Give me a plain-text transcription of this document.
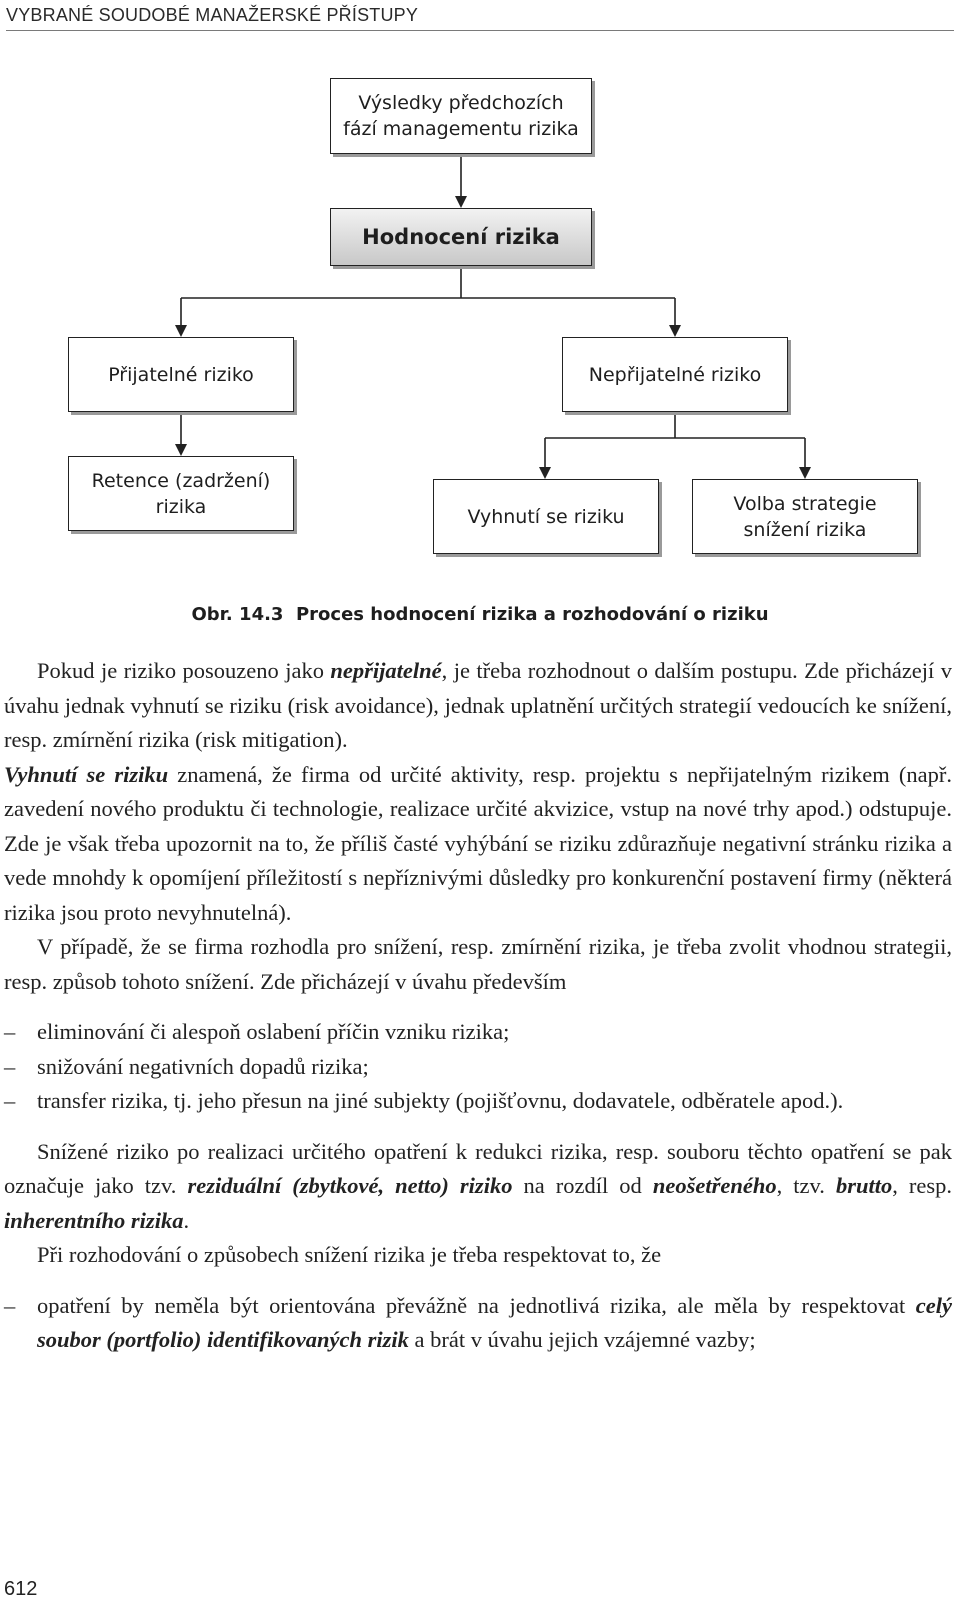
VYBRANÉ SOUDOBÉ MANAŽERSKÉ PŘÍSTUPY
Výsledky předchozích
fází managementu rizika
Hodnocení rizika
Přijatelné riziko	Nepřijatelné riziko
Retence (zadržení)
rizika	Vyhnutí se riziku
Volba strategie
snížení rizika
Obr. 14.3  Proces hodnocení rizika a rozhodování o riziku

Pokud je riziko posouzeno jako nepřijatelné, je třeba rozhodnout o dalším postupu. Zde přicházejí v úvahu jednak vyhnutí se riziku (risk avoidance), jednak uplatnění určitých strategií vedoucích ke snížení, resp. zmírnění rizika (risk mitigation).
Vyhnutí se riziku znamená, že firma od určité aktivity, resp. projektu s nepřijatelným rizikem (např. zavedení nového produktu či technologie, realizace určité akvizice, vstup na nové trhy apod.) odstupuje. Zde je však třeba upozornit na to, že příliš časté vyhýbání se riziku zdůrazňuje negativní stránku rizika a vede mnohdy k opomíjení příležitostí s nepříznivými důsledky pro konkurenční postavení firmy (některá rizika jsou proto nevyhnutelná).

V případě, že se firma rozhodla pro snížení, resp. zmírnění rizika, je třeba zvolit vhodnou strategii, resp. způsob tohoto snížení. Zde přicházejí v úvahu především

– eliminování či alespoň oslabení příčin vzniku rizika;

– snižování negativních dopadů rizika;

– transfer rizika, tj. jeho přesun na jiné subjekty (pojišťovnu, dodavatele, odběratele apod.).

Snížené riziko po realizaci určitého opatření k redukci rizika, resp. souboru těchto opatření se pak označuje jako tzv. reziduální (zbytkové, netto) riziko na rozdíl od neošetřeného, tzv. brutto, resp. inherentního rizika.

Při rozhodování o způsobech snížení rizika je třeba respektovat to, že

– opatření by neměla být orientována převážně na jednotlivá rizika, ale měla by respektovat celý soubor (portfolio) identifikovaných rizik a brát v úvahu jejich vzájemné vazby;

612
